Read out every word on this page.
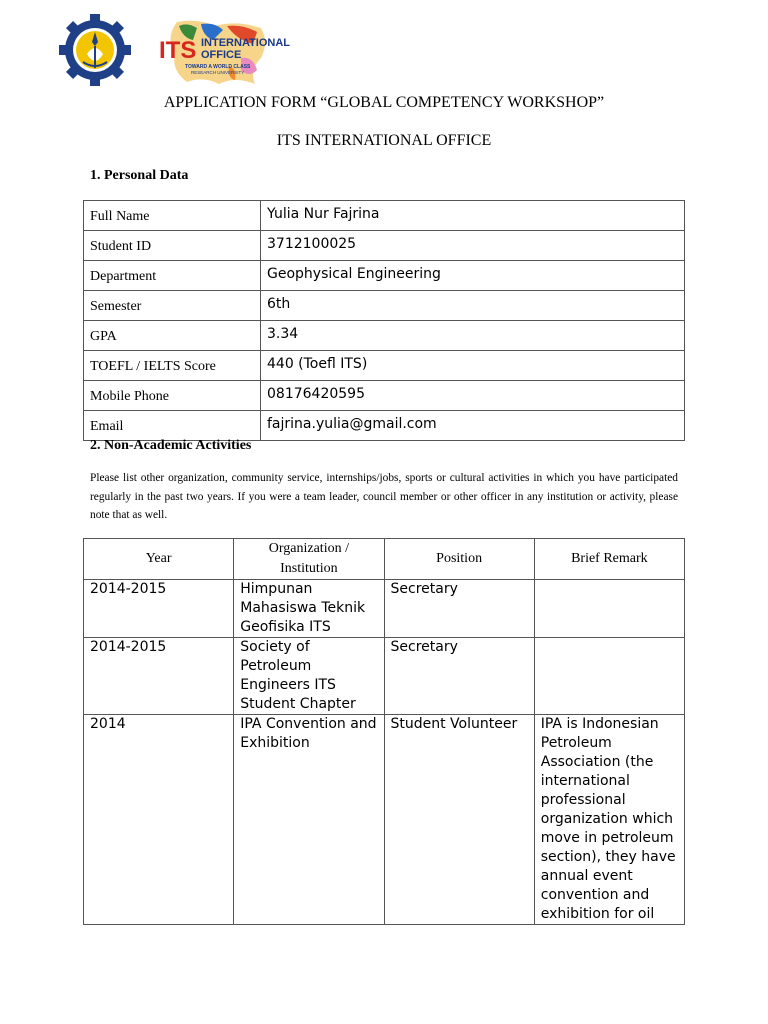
ITS INTERNATIONAL
OFFICE
TOWARD A WORLD CLASS
RESEARCH UNIVERSITY
APPLICATION FORM “GLOBAL COMPETENCY WORKSHOP”
ITS INTERNATIONAL OFFICE
1. Personal Data
Full Name	Yulia Nur Fajrina
Student ID	3712100025
Department	Geophysical Engineering
Semester	6th
GPA	3.34
TOEFL / IELTS Score	440 (Toefl ITS)
Mobile Phone	08176420595
Email	fajrina.yulia@gmail.com
2. Non-Academic Activities
Please list other organization, community service, internships/jobs, sports or cultural activities in which you have participated regularly in the past two years. If you were a team leader, council member or other officer in any institution or activity, please note that as well.
Year	Organization / Institution	Position	Brief Remark
2014-2015	Himpunan Mahasiswa Teknik Geofisika ITS	Secretary	
2014-2015	Society of Petroleum Engineers ITS Student Chapter	Secretary	
2014	IPA Convention and Exhibition	Student Volunteer	IPA is Indonesian Petroleum Association (the international professional organization which move in petroleum section), they have annual event convention and exhibition for oil
